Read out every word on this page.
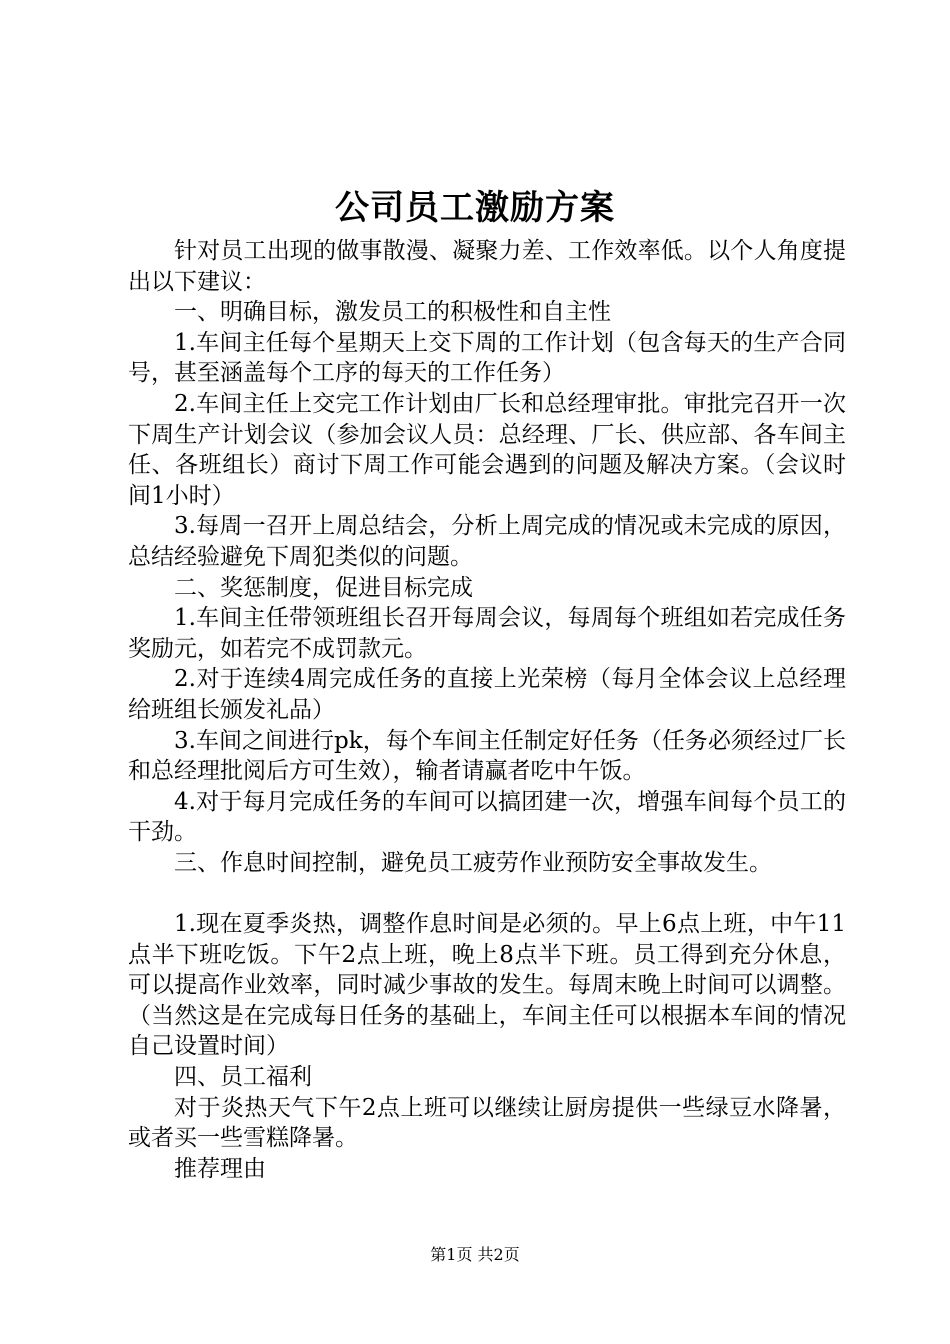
公司员工激励方案

针对员工出现的做事散漫、凝聚力差、工作效率低。以个人角度提出以下建议：

一、明确目标，激发员工的积极性和自主性

1.车间主任每个星期天上交下周的工作计划（包含每天的生产合同号，甚至涵盖每个工序的每天的工作任务）

2.车间主任上交完工作计划由厂长和总经理审批。审批完召开一次下周生产计划会议（参加会议人员：总经理、厂长、供应部、各车间主任、各班组长）商讨下周工作可能会遇到的问题及解决方案。（会议时间1小时）

3.每周一召开上周总结会，分析上周完成的情况或未完成的原因，总结经验避免下周犯类似的问题。

二、奖惩制度，促进目标完成

1.车间主任带领班组长召开每周会议，每周每个班组如若完成任务奖励元，如若完不成罚款元。

2.对于连续4周完成任务的直接上光荣榜（每月全体会议上总经理给班组长颁发礼品）

3.车间之间进行pk，每个车间主任制定好任务（任务必须经过厂长和总经理批阅后方可生效），输者请赢者吃中午饭。

4.对于每月完成任务的车间可以搞团建一次，增强车间每个员工的干劲。

三、作息时间控制，避免员工疲劳作业预防安全事故发生。

1.现在夏季炎热，调整作息时间是必须的。早上6点上班，中午11点半下班吃饭。下午2点上班，晚上8点半下班。员工得到充分休息，可以提高作业效率，同时减少事故的发生。每周末晚上时间可以调整。（当然这是在完成每日任务的基础上，车间主任可以根据本车间的情况自己设置时间）

四、员工福利

对于炎热天气下午2点上班可以继续让厨房提供一些绿豆水降暑，或者买一些雪糕降暑。

推荐理由

第1页 共2页
